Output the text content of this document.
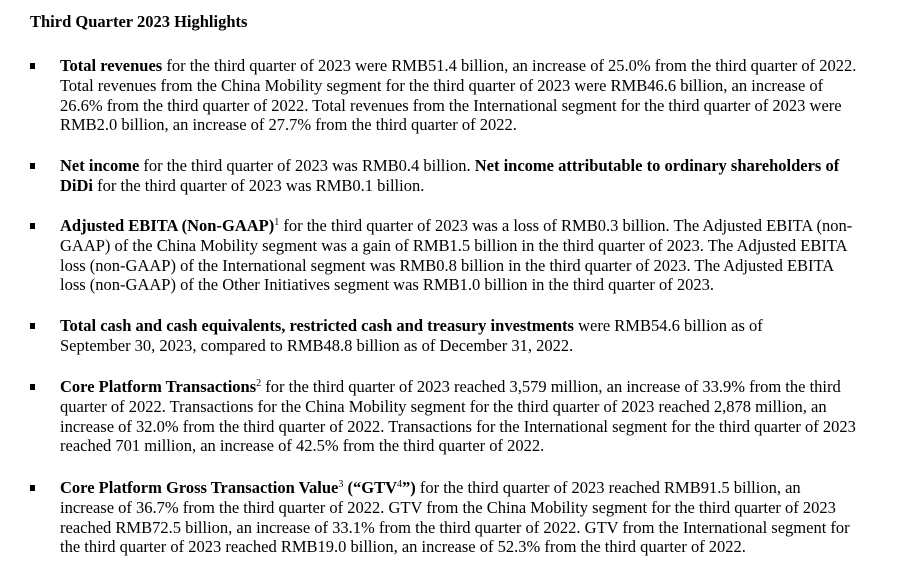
Third Quarter 2023 Highlights
Total revenues for the third quarter of 2023 were RMB51.4 billion, an increase of 25.0% from the third quarter of 2022.
Total revenues from the China Mobility segment for the third quarter of 2023 were RMB46.6 billion, an increase of
26.6% from the third quarter of 2022. Total revenues from the International segment for the third quarter of 2023 were
RMB2.0 billion, an increase of 27.7% from the third quarter of 2022.
Net income for the third quarter of 2023 was RMB0.4 billion. Net income attributable to ordinary shareholders of
DiDi for the third quarter of 2023 was RMB0.1 billion.
Adjusted EBITA (Non-GAAP)$^1$ for the third quarter of 2023 was a loss of RMB0.3 billion. The Adjusted EBITA (non-
GAAP) of the China Mobility segment was a gain of RMB1.5 billion in the third quarter of 2023. The Adjusted EBITA
loss (non-GAAP) of the International segment was RMB0.8 billion in the third quarter of 2023. The Adjusted EBITA
loss (non-GAAP) of the Other Initiatives segment was RMB1.0 billion in the third quarter of 2023.
Total cash and cash equivalents, restricted cash and treasury investments were RMB54.6 billion as of
September 30, 2023, compared to RMB48.8 billion as of December 31, 2022.
Core Platform Transactions$^2$ for the third quarter of 2023 reached 3,579 million, an increase of 33.9% from the third
quarter of 2022. Transactions for the China Mobility segment for the third quarter of 2023 reached 2,878 million, an
increase of 32.0% from the third quarter of 2022. Transactions for the International segment for the third quarter of 2023
reached 701 million, an increase of 42.5% from the third quarter of 2022.
Core Platform Gross Transaction Value$^3$ (“GTV$^4$”) for the third quarter of 2023 reached RMB91.5 billion, an
increase of 36.7% from the third quarter of 2022. GTV from the China Mobility segment for the third quarter of 2023
reached RMB72.5 billion, an increase of 33.1% from the third quarter of 2022. GTV from the International segment for
the third quarter of 2023 reached RMB19.0 billion, an increase of 52.3% from the third quarter of 2022.
